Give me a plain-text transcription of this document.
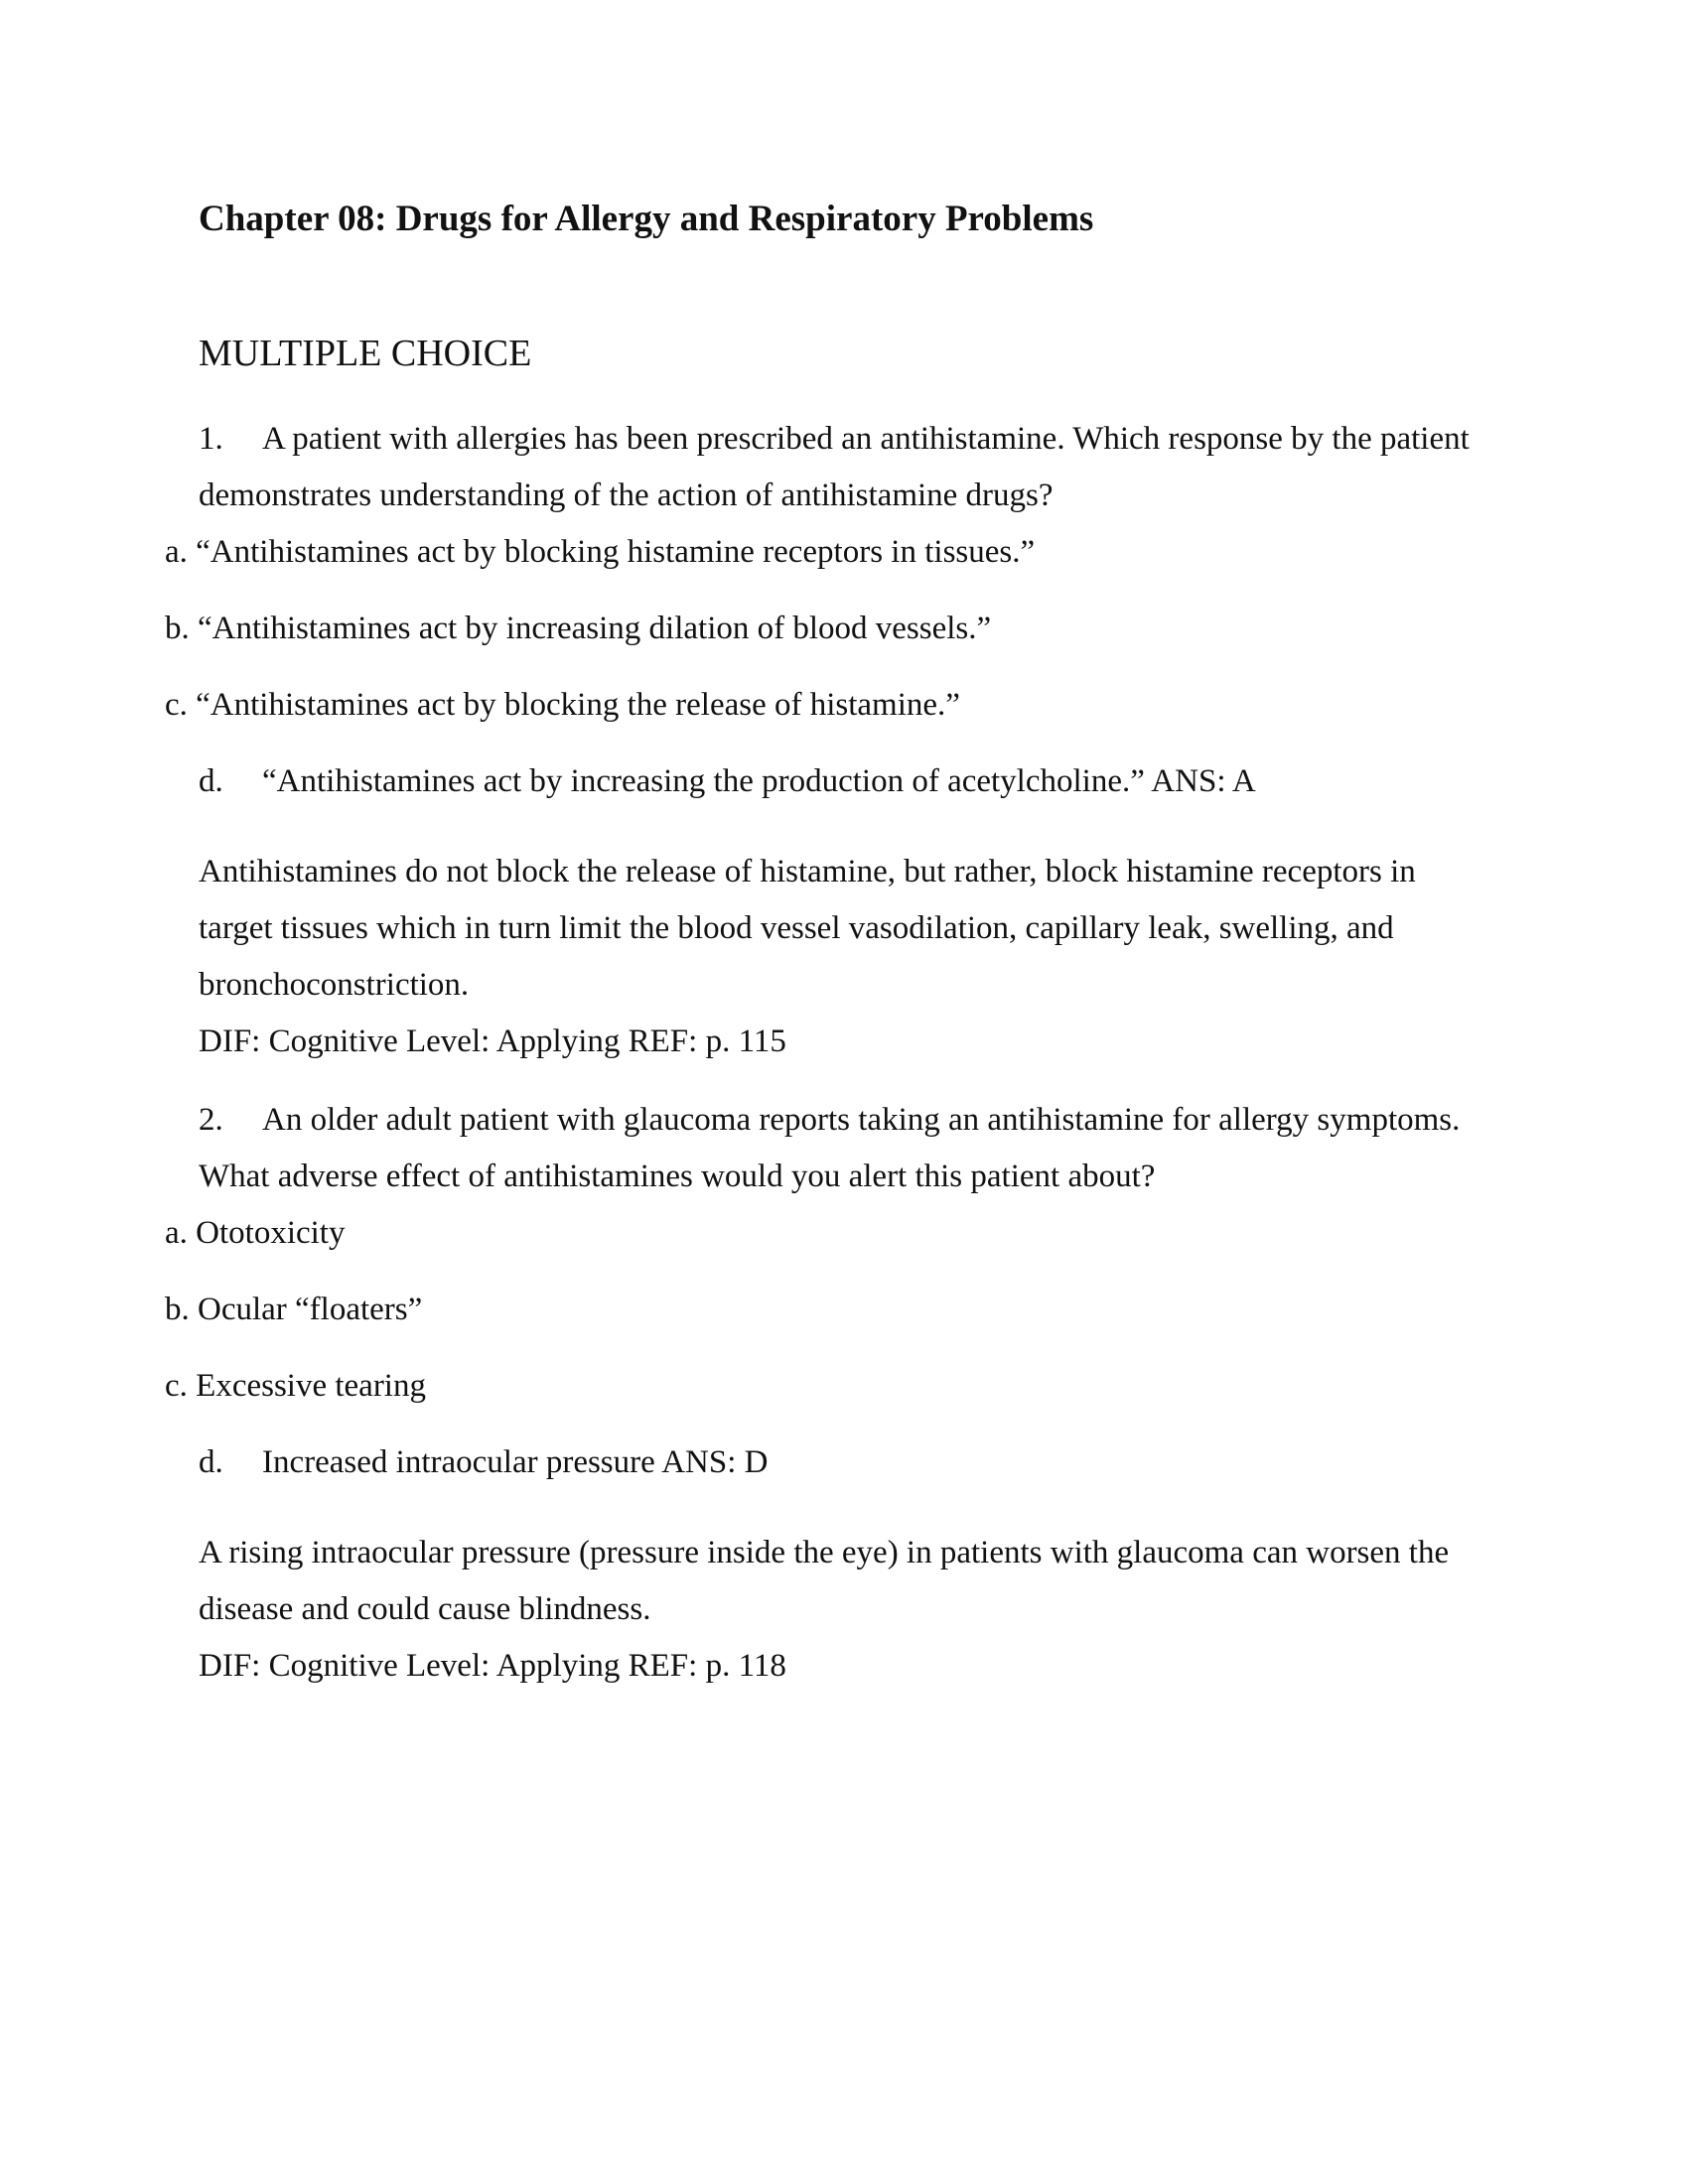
Chapter 08: Drugs for Allergy and Respiratory Problems
MULTIPLE CHOICE
1. A patient with allergies has been prescribed an antihistamine. Which response by the patient
demonstrates understanding of the action of antihistamine drugs?
a. “Antihistamines act by blocking histamine receptors in tissues.”
b. “Antihistamines act by increasing dilation of blood vessels.”
c. “Antihistamines act by blocking the release of histamine.”
d. “Antihistamines act by increasing the production of acetylcholine.” ANS: A
Antihistamines do not block the release of histamine, but rather, block histamine receptors in
target tissues which in turn limit the blood vessel vasodilation, capillary leak, swelling, and
bronchoconstriction.
DIF: Cognitive Level: Applying REF: p. 115
2. An older adult patient with glaucoma reports taking an antihistamine for allergy symptoms.
What adverse effect of antihistamines would you alert this patient about?
a. Ototoxicity
b. Ocular “floaters”
c. Excessive tearing
d. Increased intraocular pressure ANS: D
A rising intraocular pressure (pressure inside the eye) in patients with glaucoma can worsen the
disease and could cause blindness.
DIF: Cognitive Level: Applying REF: p. 118
